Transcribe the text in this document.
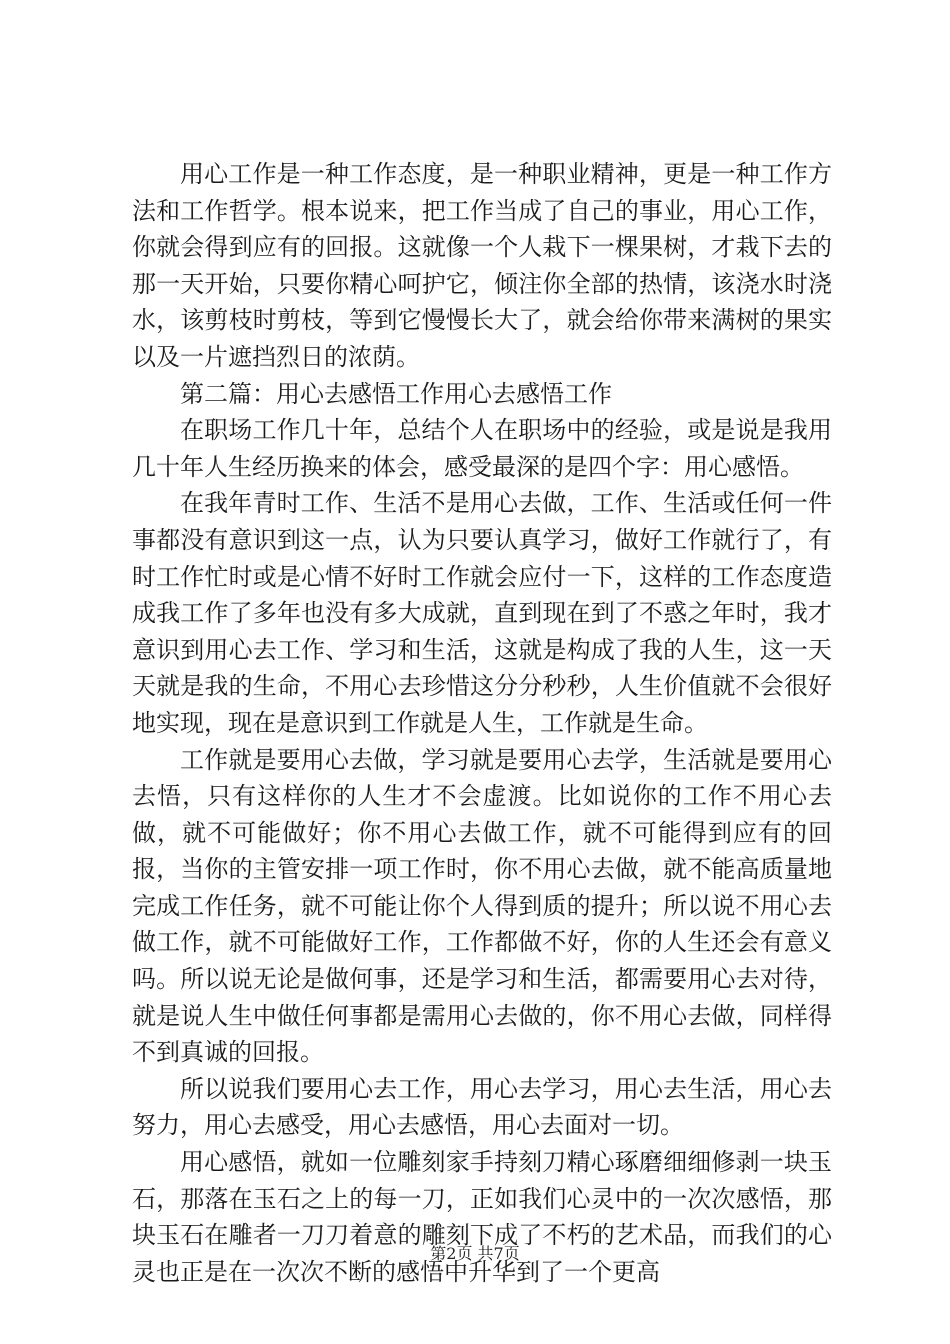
用心工作是一种工作态度，是一种职业精神，更是一种工作方法和工作哲学。根本说来，把工作当成了自己的事业，用心工作，你就会得到应有的回报。这就像一个人栽下一棵果树，才栽下去的那一天开始，只要你精心呵护它，倾注你全部的热情，该浇水时浇水，该剪枝时剪枝，等到它慢慢长大了，就会给你带来满树的果实以及一片遮挡烈日的浓荫。

第二篇：用心去感悟工作用心去感悟工作

在职场工作几十年，总结个人在职场中的经验，或是说是我用几十年人生经历换来的体会，感受最深的是四个字：用心感悟。

在我年青时工作、生活不是用心去做，工作、生活或任何一件事都没有意识到这一点，认为只要认真学习，做好工作就行了，有时工作忙时或是心情不好时工作就会应付一下，这样的工作态度造成我工作了多年也没有多大成就，直到现在到了不惑之年时，我才意识到用心去工作、学习和生活，这就是构成了我的人生，这一天天就是我的生命，不用心去珍惜这分分秒秒，人生价值就不会很好地实现，现在是意识到工作就是人生，工作就是生命。

工作就是要用心去做，学习就是要用心去学，生活就是要用心去悟，只有这样你的人生才不会虚渡。比如说你的工作不用心去做，就不可能做好；你不用心去做工作，就不可能得到应有的回报，当你的主管安排一项工作时，你不用心去做，就不能高质量地完成工作任务，就不可能让你个人得到质的提升；所以说不用心去做工作，就不可能做好工作，工作都做不好，你的人生还会有意义吗。所以说无论是做何事，还是学习和生活，都需要用心去对待，就是说人生中做任何事都是需用心去做的，你不用心去做，同样得不到真诚的回报。

所以说我们要用心去工作，用心去学习，用心去生活，用心去努力，用心去感受，用心去感悟，用心去面对一切。

用心感悟，就如一位雕刻家手持刻刀精心琢磨细细修剥一块玉石，那落在玉石之上的每一刀，正如我们心灵中的一次次感悟，那块玉石在雕者一刀刀着意的雕刻下成了不朽的艺术品，而我们的心灵也正是在一次次不断的感悟中升华到了一个更高

第2页 共7页
